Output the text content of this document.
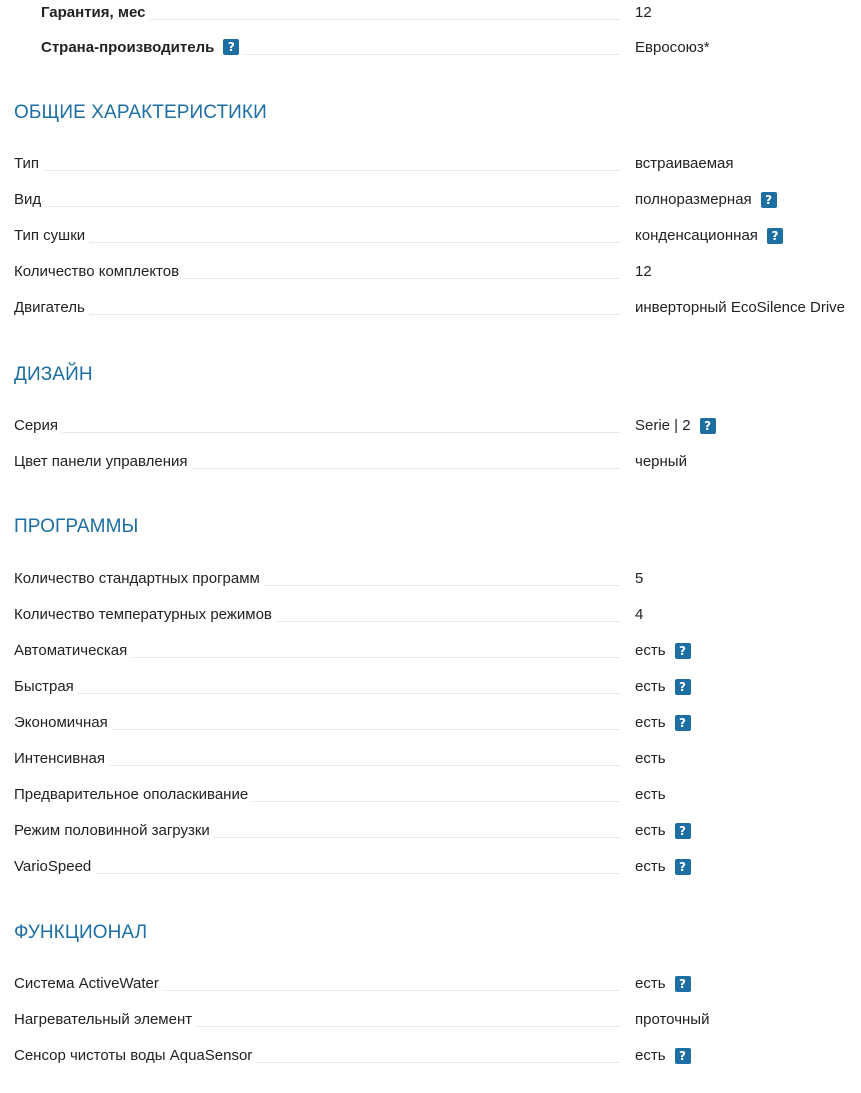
Гарантия, мес	12
Страна-производитель ?	Евросоюз*
ОБЩИЕ ХАРАКТЕРИСТИКИ
Тип	встраиваемая
Вид	полноразмерная	?
Тип сушки	конденсационная	?
Количество комплектов	12
Двигатель	инверторный EcoSilence Drive
ДИЗАЙН
Серия	Serie | 2	?
Цвет панели управления	черный
ПРОГРАММЫ
Количество стандартных программ	5
Количество температурных режимов	4
Автоматическая	есть	?
Быстрая	есть	?
Экономичная	есть	?
Интенсивная	есть
Предварительное ополаскивание	есть
Режим половинной загрузки	есть	?
VarioSpeed	есть	?
ФУНКЦИОНАЛ
Система ActiveWater	есть	?
Нагревательный элемент	проточный
Сенсор чистоты воды AquaSensor	есть	?
